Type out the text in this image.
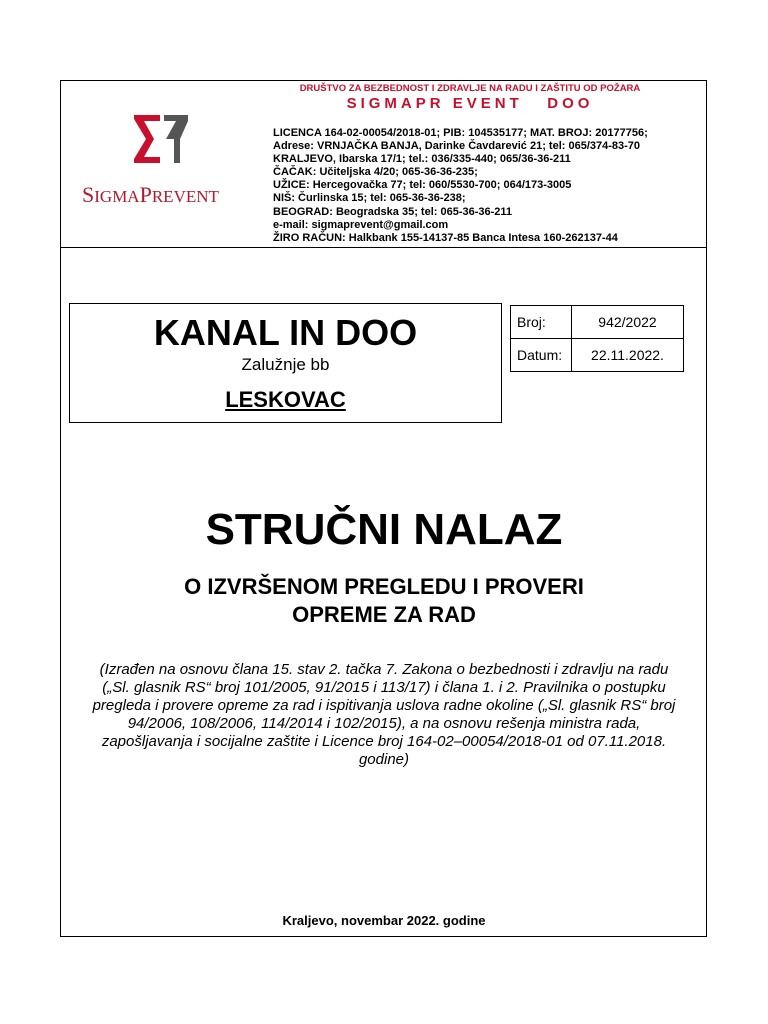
DRUŠTVO ZA BEZBEDNOST I ZDRAVLJE NA RADU I ZAŠTITU OD POŽARA
SIGMAPR EVENT   DOO
SIGMAPREVENT
LICENCA 164-02-00054/2018-01; PIB: 104535177; MAT. BROJ: 20177756;
Adrese: VRNJAČKA BANJA, Darinke Čavdarević 21; tel: 065/374-83-70
KRALJEVO, Ibarska 17/1; tel.: 036/335-440; 065/36-36-211
ČAČAK: Učiteljska 4/20; 065-36-36-235;
UŽICE: Hercegovačka 77; tel: 060/5530-700; 064/173-3005
NIŠ: Čurlinska 15; tel: 065-36-36-238;
BEOGRAD: Beogradska 35; tel: 065-36-36-211
e-mail: sigmaprevent@gmail.com
ŽIRO RAČUN: Halkbank 155-14137-85 Banca Intesa 160-262137-44
KANAL IN DOO
Zalužnje bb
LESKOVAC
Broj:	942/2022
Datum:	22.11.2022.
STRUČNI NALAZ
O IZVRŠENOM PREGLEDU I PROVERI
OPREME ZA RAD
(Izrađen na osnovu člana 15. stav 2. tačka 7. Zakona o bezbednosti i zdravlju na radu
(„Sl. glasnik RS“ broj 101/2005, 91/2015 i 113/17) i člana 1. i 2. Pravilnika o postupku
pregleda i provere opreme za rad i ispitivanja uslova radne okoline („Sl. glasnik RS“ broj
94/2006, 108/2006, 114/2014 i 102/2015), a na osnovu rešenja ministra rada,
zapošljavanja i socijalne zaštite i Licence broj 164-02–00054/2018-01 od 07.11.2018.
godine)
Kraljevo, novembar 2022. godine
